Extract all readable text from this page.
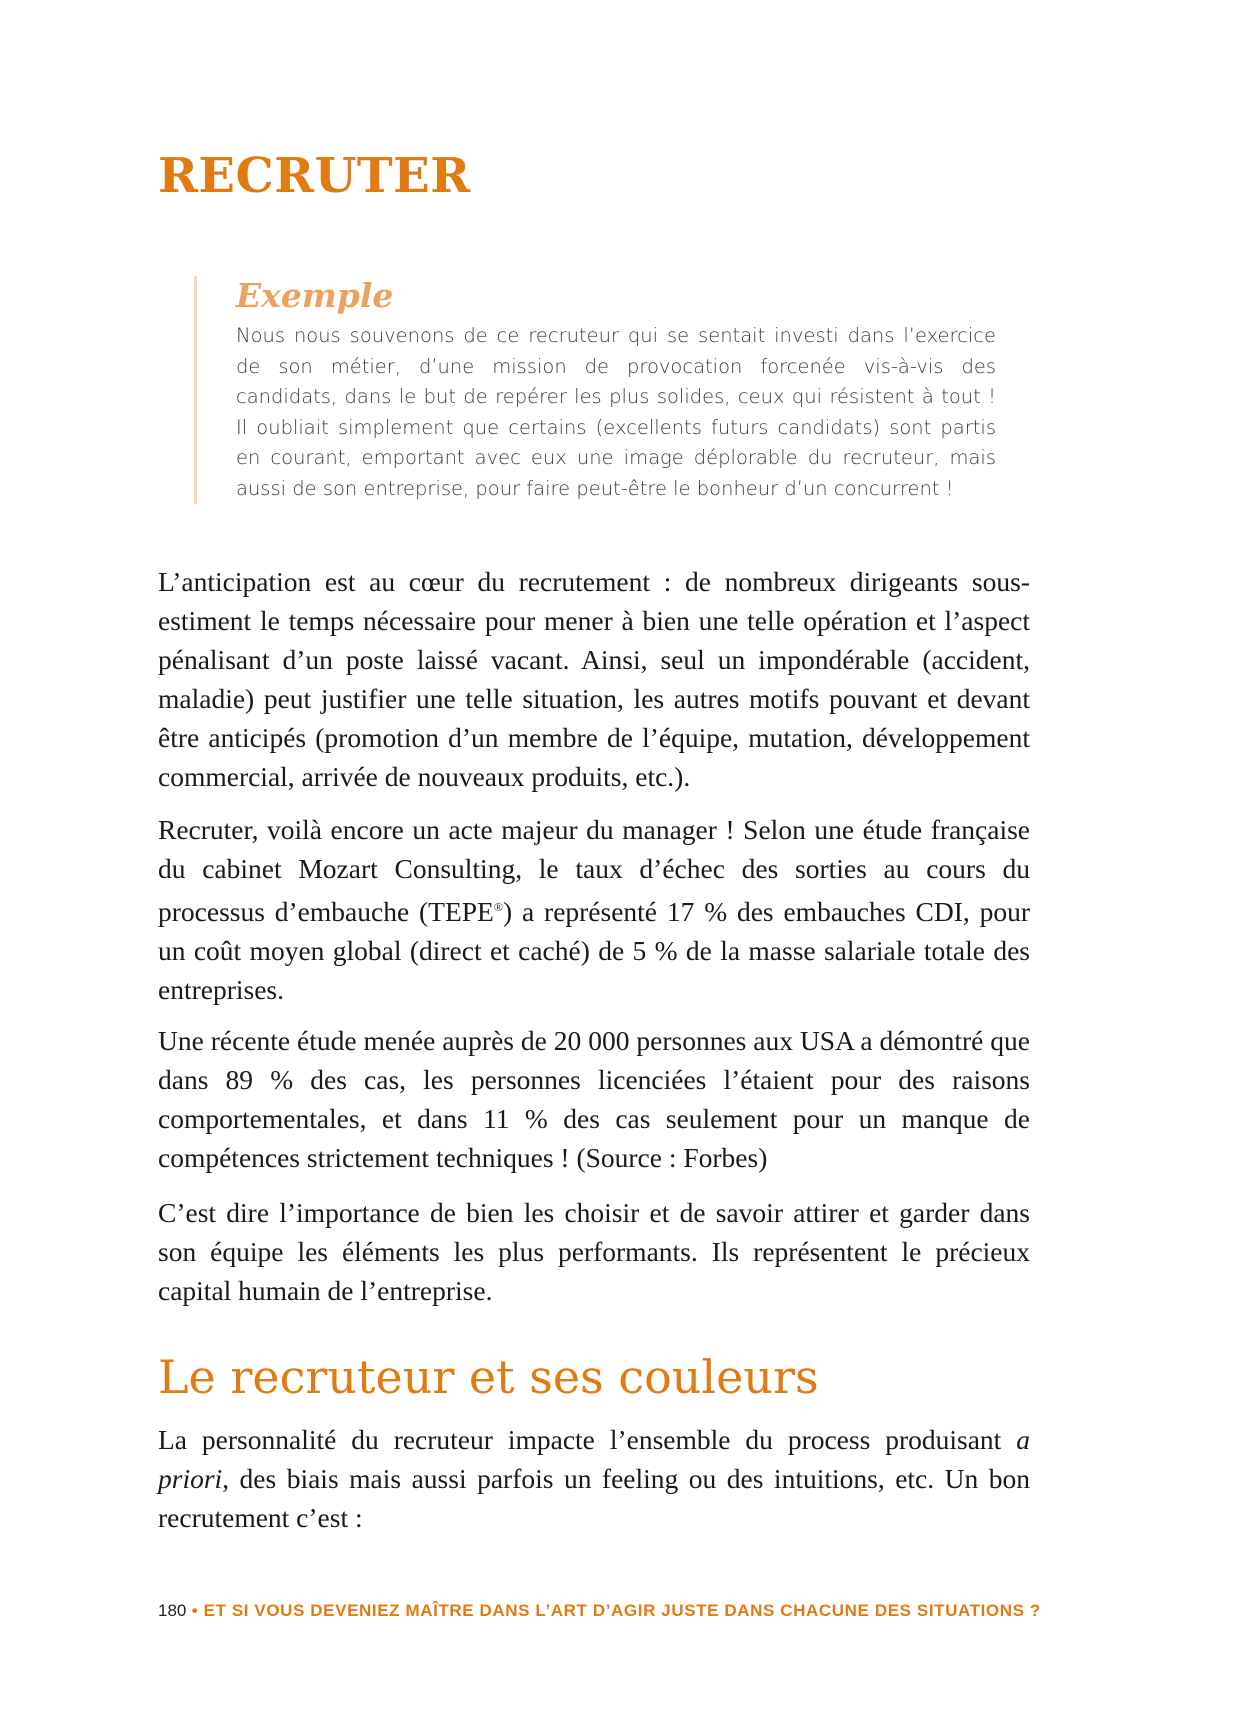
RECRUTER
Exemple

Nous nous souvenons de ce recruteur qui se sentait investi dans l’exercice de son métier, d’une mission de provocation forcenée vis-à-vis des candidats, dans le but de repérer les plus solides, ceux qui résistent à tout ! Il oubliait simplement que certains (excellents futurs candidats) sont partis en courant, emportant avec eux une image déplorable du recruteur, mais aussi de son entreprise, pour faire peut-être le bonheur d’un concurrent !

L’anticipation est au cœur du recrutement : de nombreux dirigeants sous-estiment le temps nécessaire pour mener à bien une telle opération et l’aspect pénalisant d’un poste laissé vacant. Ainsi, seul un impondérable (accident, maladie) peut justifier une telle situation, les autres motifs pouvant et devant être anticipés (promotion d’un membre de l’équipe, mutation, développement commercial, arrivée de nouveaux produits, etc.).

Recruter, voilà encore un acte majeur du manager ! Selon une étude française du cabinet Mozart Consulting, le taux d’échec des sorties au cours du processus d’embauche (TEPE®) a représenté 17 % des embauches CDI, pour un coût moyen global (direct et caché) de 5 % de la masse salariale totale des entreprises.

Une récente étude menée auprès de 20 000 personnes aux USA a démontré que dans 89 % des cas, les personnes licenciées l’étaient pour des raisons comportementales, et dans 11 % des cas seulement pour un manque de compétences strictement techniques ! (Source : Forbes)

C’est dire l’importance de bien les choisir et de savoir attirer et garder dans son équipe les éléments les plus performants. Ils représentent le précieux capital humain de l’entreprise.

Le recruteur et ses couleurs

La personnalité du recruteur impacte l’ensemble du process produisant a priori, des biais mais aussi parfois un feeling ou des intuitions, etc. Un bon recrutement c’est :

180 • ET SI VOUS DEVENIEZ MAÎTRE DANS L’ART D’AGIR JUSTE DANS CHACUNE DES SITUATIONS ?
